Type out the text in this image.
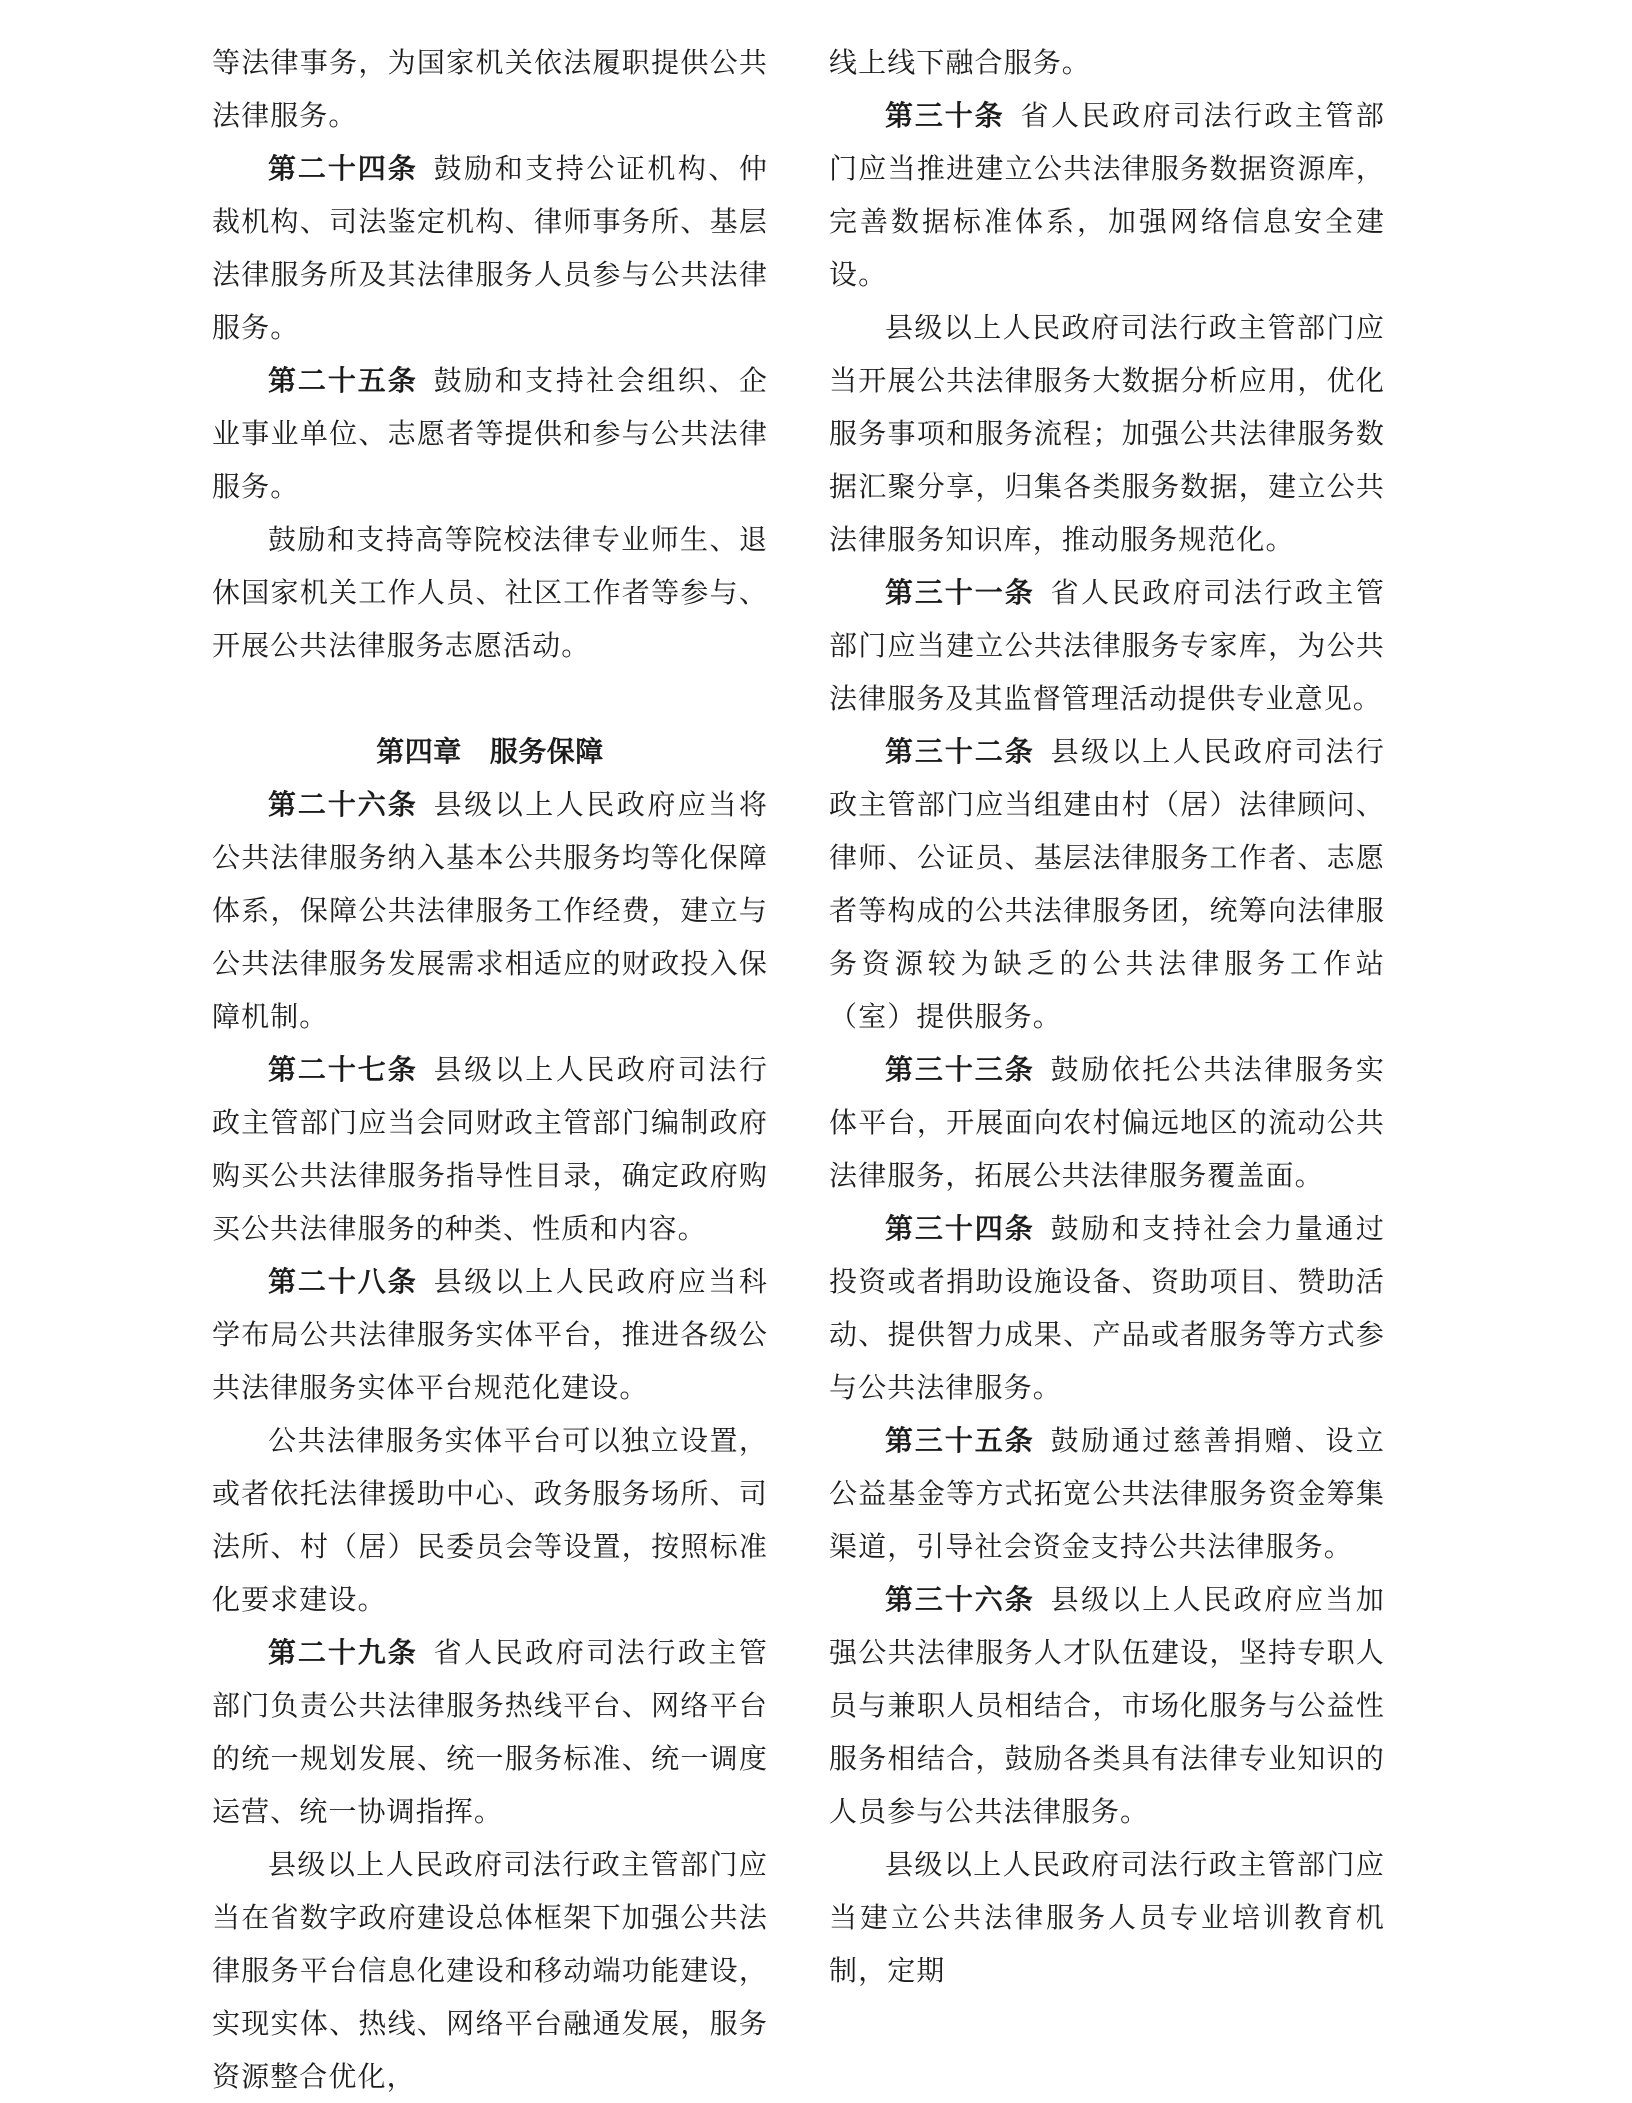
等法律事务，为国家机关依法履职提供公共法律服务。

第二十四条 鼓励和支持公证机构、仲裁机构、司法鉴定机构、律师事务所、基层法律服务所及其法律服务人员参与公共法律服务。

第二十五条 鼓励和支持社会组织、企业事业单位、志愿者等提供和参与公共法律服务。

鼓励和支持高等院校法律专业师生、退休国家机关工作人员、社区工作者等参与、开展公共法律服务志愿活动。

第四章 服务保障

第二十六条 县级以上人民政府应当将公共法律服务纳入基本公共服务均等化保障体系，保障公共法律服务工作经费，建立与公共法律服务发展需求相适应的财政投入保障机制。

第二十七条 县级以上人民政府司法行政主管部门应当会同财政主管部门编制政府购买公共法律服务指导性目录，确定政府购买公共法律服务的种类、性质和内容。

第二十八条 县级以上人民政府应当科学布局公共法律服务实体平台，推进各级公共法律服务实体平台规范化建设。

公共法律服务实体平台可以独立设置，或者依托法律援助中心、政务服务场所、司法所、村（居）民委员会等设置，按照标准化要求建设。

第二十九条 省人民政府司法行政主管部门负责公共法律服务热线平台、网络平台的统一规划发展、统一服务标准、统一调度运营、统一协调指挥。

县级以上人民政府司法行政主管部门应当在省数字政府建设总体框架下加强公共法律服务平台信息化建设和移动端功能建设，实现实体、热线、网络平台融通发展，服务资源整合优化，

线上线下融合服务。

第三十条 省人民政府司法行政主管部门应当推进建立公共法律服务数据资源库，完善数据标准体系，加强网络信息安全建设。

县级以上人民政府司法行政主管部门应当开展公共法律服务大数据分析应用，优化服务事项和服务流程；加强公共法律服务数据汇聚分享，归集各类服务数据，建立公共法律服务知识库，推动服务规范化。

第三十一条 省人民政府司法行政主管部门应当建立公共法律服务专家库，为公共法律服务及其监督管理活动提供专业意见。

第三十二条 县级以上人民政府司法行政主管部门应当组建由村（居）法律顾问、律师、公证员、基层法律服务工作者、志愿者等构成的公共法律服务团，统筹向法律服务资源较为缺乏的公共法律服务工作站（室）提供服务。

第三十三条 鼓励依托公共法律服务实体平台，开展面向农村偏远地区的流动公共法律服务，拓展公共法律服务覆盖面。

第三十四条 鼓励和支持社会力量通过投资或者捐助设施设备、资助项目、赞助活动、提供智力成果、产品或者服务等方式参与公共法律服务。

第三十五条 鼓励通过慈善捐赠、设立公益基金等方式拓宽公共法律服务资金筹集渠道，引导社会资金支持公共法律服务。

第三十六条 县级以上人民政府应当加强公共法律服务人才队伍建设，坚持专职人员与兼职人员相结合，市场化服务与公益性服务相结合，鼓励各类具有法律专业知识的人员参与公共法律服务。

县级以上人民政府司法行政主管部门应当建立公共法律服务人员专业培训教育机制，定期
